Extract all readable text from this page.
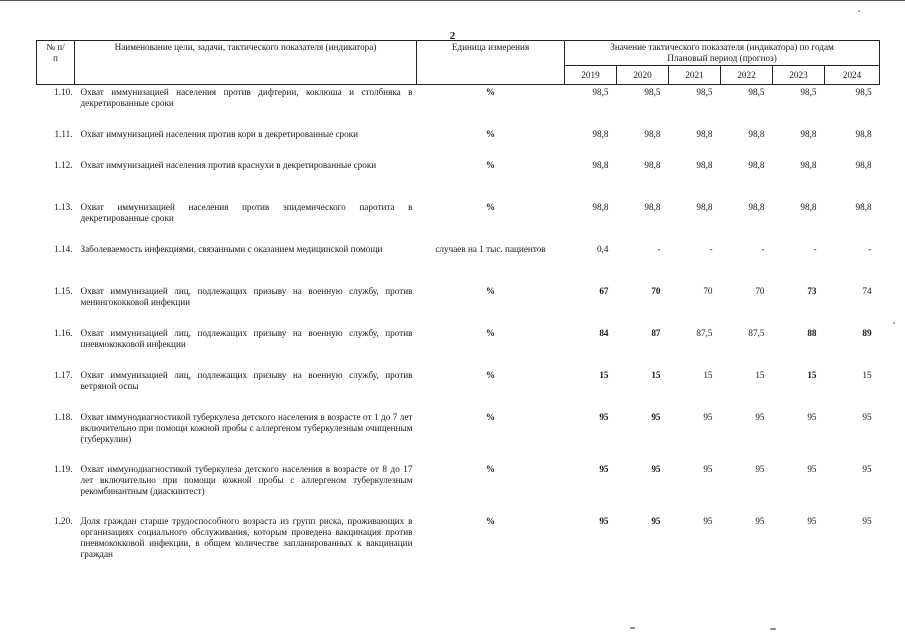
2
№ п/п	Наименование цели, задачи, тактического показателя (индикатора)	Единица измерения	Значение тактического показателя (индикатора) по годам					
			Плановый период (прогноз)					
			2019	2020	2021	2022	2023	2024
1.10.	Охват иммунизацией населения против дифтерии, коклюша и столбняка в декретированные сроки	%	98,5	98,5	98,5	98,5	98,5	98,5
1.11.	Охват иммунизацией населения против кори в декретированные сроки	%	98,8	98,8	98,8	98,8	98,8	98,8
1.12.	Охват иммунизацией населения против краснухи в декретированные сроки	%	98,8	98,8	98,8	98,8	98,8	98,8
1.13.	Охват иммунизацией населения против эпидемического паротита в декретированные сроки	%	98,8	98,8	98,8	98,8	98,8	98,8
1.14.	Заболеваемость инфекциями, связанными с оказанием медицинской помощи	случаев на 1 тыс. пациентов	0,4	-	-	-	-	-
1.15.	Охват иммунизацией лиц, подлежащих призыву на военную службу, против менингококковой инфекции	%	67	70	70	70	73	74
1.16.	Охват иммунизацией лиц, подлежащих призыву на военную службу, против пневмококковой инфекции	%	84	87	87,5	87,5	88	89
1.17.	Охват иммунизацией лиц, подлежащих призыву на военную службу, против ветряной оспы	%	15	15	15	15	15	15
1.18.	Охват иммунодиагностикой туберкулеза детского населения в возрасте от 1 до 7 лет включительно при помощи кожной пробы с аллергеном туберкулезным очищенным (туберкулин)	%	95	95	95	95	95	95
1.19.	Охват иммунодиагностикой туберкулеза детского населения в возрасте от 8 до 17 лет включительно при помощи кожной пробы с аллергеном туберкулезным рекомбинантным (диаскинтест)	%	95	95	95	95	95	95
1.20.	Доля граждан старше трудоспособного возраста из групп риска, проживающих в организациях социального обслуживания, которым проведена вакцинация против пневмококковой инфекции, в общем количестве запланированных к вакцинации граждан	%	95	95	95	95	95	95
